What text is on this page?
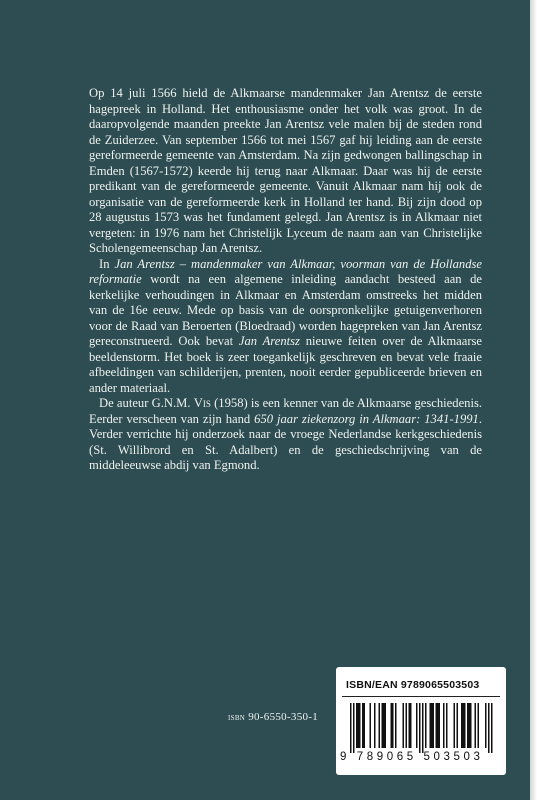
Op 14 juli 1566 hield de Alkmaarse mandenmaker Jan Arentsz de eerste hagepreek in Holland. Het enthousiasme onder het volk was groot. In de daaropvolgende maanden preekte Jan Arentsz vele malen bij de steden rond de Zuiderzee. Van september 1566 tot mei 1567 gaf hij leiding aan de eerste gereformeerde gemeente van Amsterdam. Na zijn gedwongen ballingschap in Emden (1567-1572) keerde hij terug naar Alkmaar. Daar was hij de eerste predikant van de gereformeerde gemeente. Vanuit Alkmaar nam hij ook de organisatie van de gereformeerde kerk in Holland ter hand. Bij zijn dood op 28 augustus 1573 was het fundament gelegd. Jan Arentsz is in Alkmaar niet vergeten: in 1976 nam het Christelijk Lyceum de naam aan van Christelijke Scholengemeenschap Jan Arentsz.

In Jan Arentsz – mandenmaker van Alkmaar, voorman van de Hollandse reformatie wordt na een algemene inleiding aandacht besteed aan de kerkelijke verhoudingen in Alkmaar en Amsterdam omstreeks het midden van de 16e eeuw. Mede op basis van de oorspronkelijke getuigenverhoren voor de Raad van Beroerten (Bloedraad) worden hagepreken van Jan Arentsz gereconstrueerd. Ook bevat Jan Arentsz nieuwe feiten over de Alkmaarse beeldenstorm. Het boek is zeer toegankelijk geschreven en bevat vele fraaie afbeeldingen van schilderijen, prenten, nooit eerder gepubliceerde brieven en ander materiaal.

De auteur G.N.M. Vis (1958) is een kenner van de Alkmaarse geschiedenis. Eerder verscheen van zijn hand 650 jaar ziekenzorg in Alkmaar: 1341-1991. Verder verrichte hij onderzoek naar de vroege Nederlandse kerkgeschiedenis (St. Willibrord en St. Adalbert) en de geschiedschrijving van de middeleeuwse abdij van Egmond.

isbn 90-6550-350-1
ISBN/EAN 9789065503503
9 789065 503503
